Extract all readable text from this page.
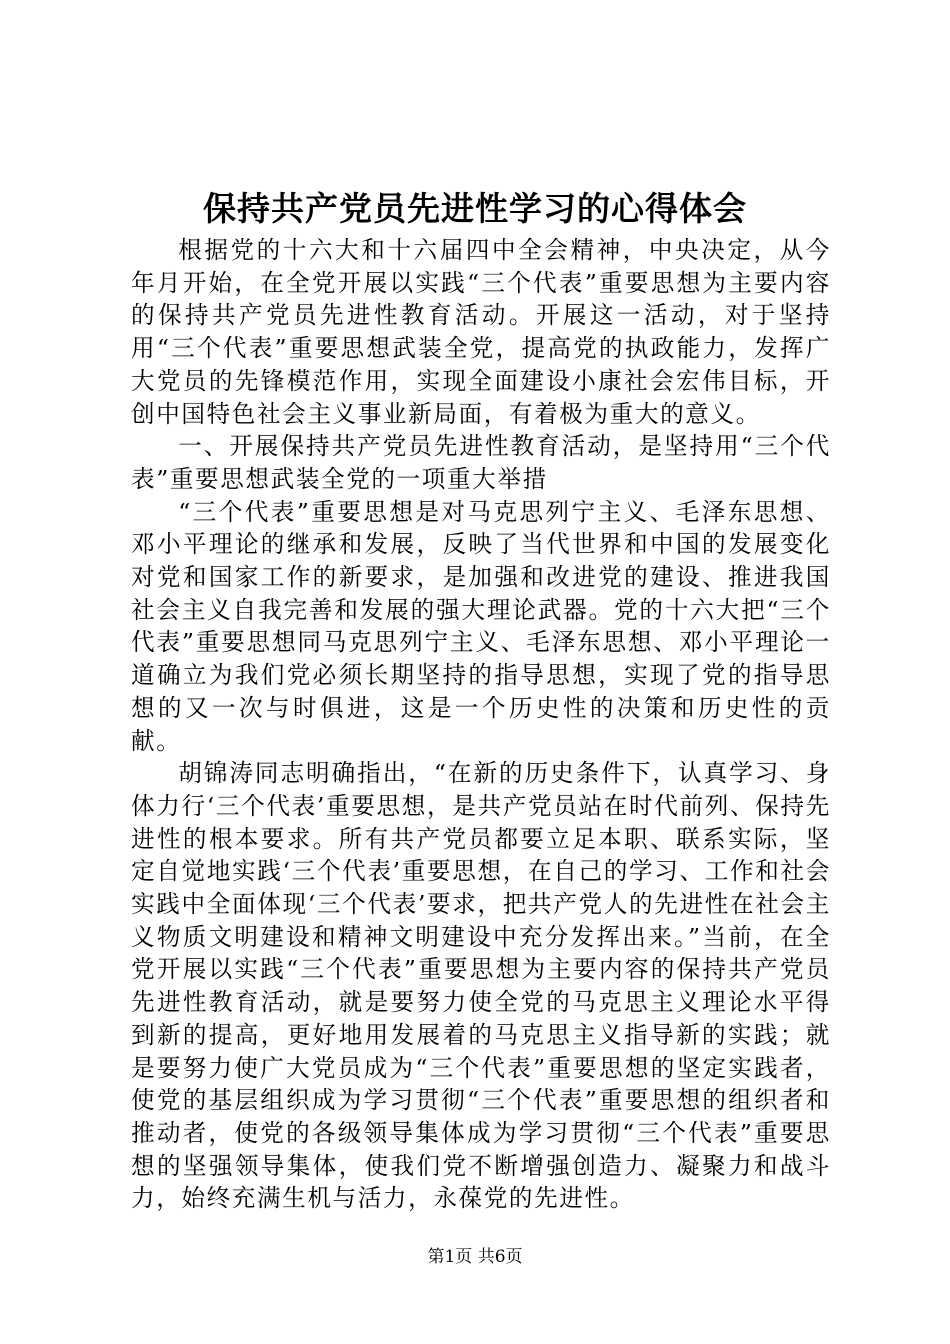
保持共产党员先进性学习的心得体会

根据党的十六大和十六届四中全会精神，中央决定，从今年月开始，在全党开展以实践“三个代表”重要思想为主要内容的保持共产党员先进性教育活动。开展这一活动，对于坚持用“三个代表”重要思想武装全党，提高党的执政能力，发挥广大党员的先锋模范作用，实现全面建设小康社会宏伟目标，开创中国特色社会主义事业新局面，有着极为重大的意义。

一、开展保持共产党员先进性教育活动，是坚持用“三个代表”重要思想武装全党的一项重大举措

“三个代表”重要思想是对马克思列宁主义、毛泽东思想、邓小平理论的继承和发展，反映了当代世界和中国的发展变化对党和国家工作的新要求，是加强和改进党的建设、推进我国社会主义自我完善和发展的强大理论武器。党的十六大把“三个代表”重要思想同马克思列宁主义、毛泽东思想、邓小平理论一道确立为我们党必须长期坚持的指导思想，实现了党的指导思想的又一次与时俱进，这是一个历史性的决策和历史性的贡献。

胡锦涛同志明确指出，“在新的历史条件下，认真学习、身体力行‘三个代表’重要思想，是共产党员站在时代前列、保持先进性的根本要求。所有共产党员都要立足本职、联系实际，坚定自觉地实践‘三个代表’重要思想，在自己的学习、工作和社会实践中全面体现‘三个代表’要求，把共产党人的先进性在社会主义物质文明建设和精神文明建设中充分发挥出来。”当前，在全党开展以实践“三个代表”重要思想为主要内容的保持共产党员先进性教育活动，就是要努力使全党的马克思主义理论水平得到新的提高，更好地用发展着的马克思主义指导新的实践；就是要努力使广大党员成为“三个代表”重要思想的坚定实践者，使党的基层组织成为学习贯彻“三个代表”重要思想的组织者和推动者，使党的各级领导集体成为学习贯彻“三个代表”重要思想的坚强领导集体，使我们党不断增强创造力、凝聚力和战斗力，始终充满生机与活力，永葆党的先进性。

第1页 共6页
